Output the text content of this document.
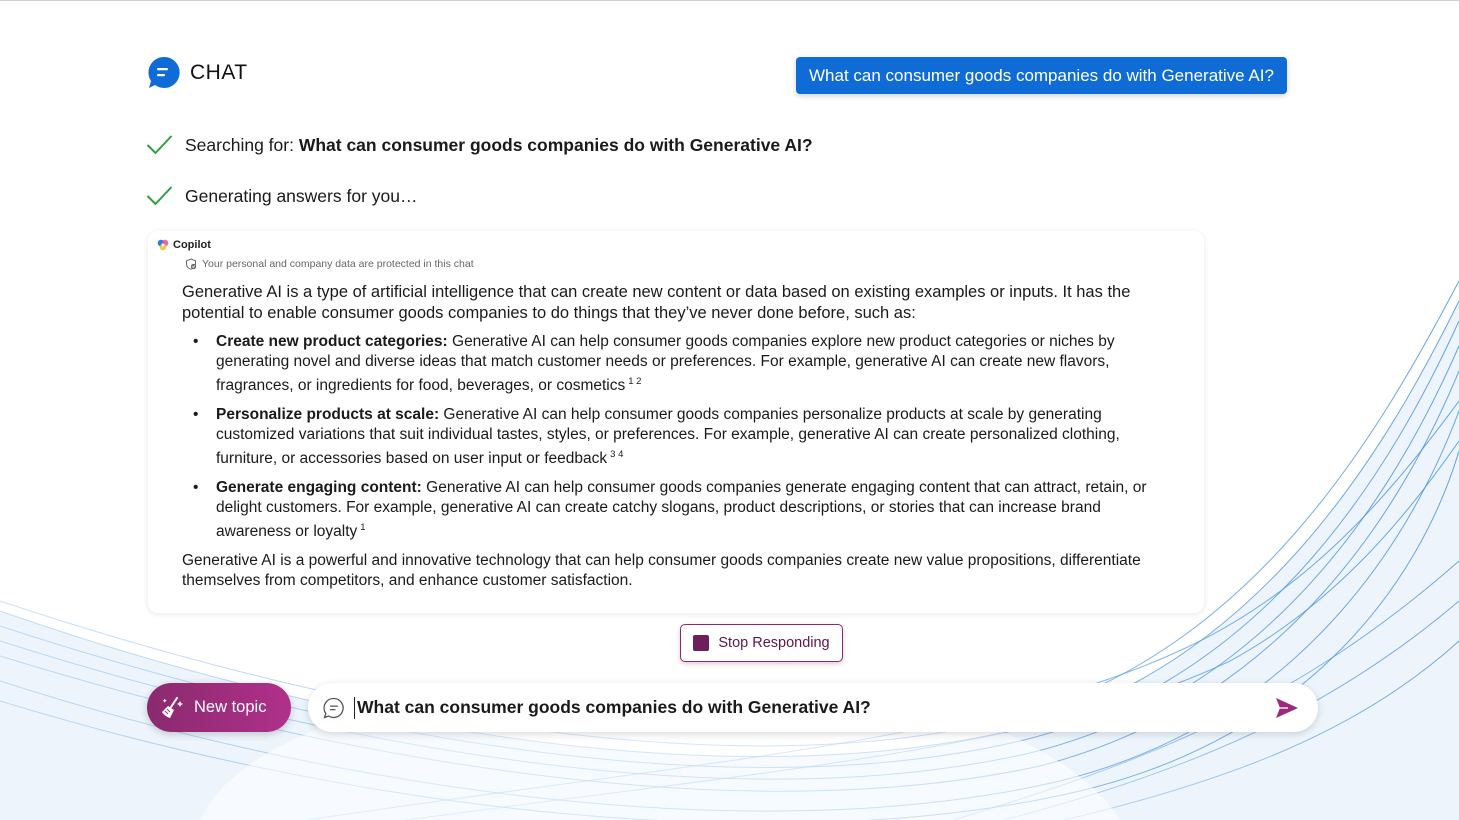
CHAT	What can consumer goods companies do with Generative AI?
Searching for: What can consumer goods companies do with Generative AI?
Generating answers for you…
Copilot
Your personal and company data are protected in this chat

Generative AI is a type of artificial intelligence that can create new content or data based on existing examples or inputs. It has the potential to enable consumer goods companies to do things that they’ve never done before, such as:

• Create new product categories: Generative AI can help consumer goods companies explore new product categories or niches by generating novel and diverse ideas that match customer needs or preferences. For example, generative AI can create new flavors, fragrances, or ingredients for food, beverages, or cosmetics $^{1 2}$
• Personalize products at scale: Generative AI can help consumer goods companies personalize products at scale by generating customized variations that suit individual tastes, styles, or preferences. For example, generative AI can create personalized clothing, furniture, or accessories based on user input or feedback $^{3 4}$
• Generate engaging content: Generative AI can help consumer goods companies generate engaging content that can attract, retain, or delight customers. For example, generative AI can create catchy slogans, product descriptions, or stories that can increase brand awareness or loyalty $^1$

Generative AI is a powerful and innovative technology that can help consumer goods companies create new value propositions, differentiate themselves from competitors, and enhance customer satisfaction.

Stop Responding
New topic
What can consumer goods companies do with Generative AI?
